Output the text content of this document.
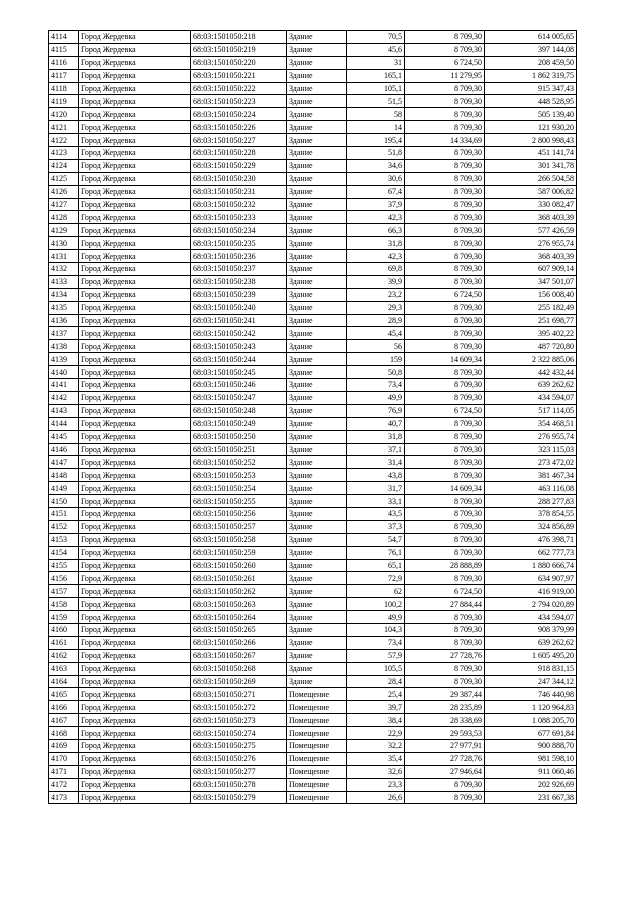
4114	Город Жердевка	68:03:1501050:218	Здание	70,5	8 709,30	614 005,65
4115	Город Жердевка	68:03:1501050:219	Здание	45,6	8 709,30	397 144,08
4116	Город Жердевка	68:03:1501050:220	Здание	31	6 724,50	208 459,50
4117	Город Жердевка	68:03:1501050:221	Здание	165,1	11 279,95	1 862 319,75
4118	Город Жердевка	68:03:1501050:222	Здание	105,1	8 709,30	915 347,43
4119	Город Жердевка	68:03:1501050:223	Здание	51,5	8 709,30	448 528,95
4120	Город Жердевка	68:03:1501050:224	Здание	58	8 709,30	505 139,40
4121	Город Жердевка	68:03:1501050:226	Здание	14	8 709,30	121 930,20
4122	Город Жердевка	68:03:1501050:227	Здание	195,4	14 334,69	2 800 998,43
4123	Город Жердевка	68:03:1501050:228	Здание	51,8	8 709,30	451 141,74
4124	Город Жердевка	68:03:1501050:229	Здание	34,6	8 709,30	301 341,78
4125	Город Жердевка	68:03:1501050:230	Здание	30,6	8 709,30	266 504,58
4126	Город Жердевка	68:03:1501050:231	Здание	67,4	8 709,30	587 006,82
4127	Город Жердевка	68:03:1501050:232	Здание	37,9	8 709,30	330 082,47
4128	Город Жердевка	68:03:1501050:233	Здание	42,3	8 709,30	368 403,39
4129	Город Жердевка	68:03:1501050:234	Здание	66,3	8 709,30	577 426,59
4130	Город Жердевка	68:03:1501050:235	Здание	31,8	8 709,30	276 955,74
4131	Город Жердевка	68:03:1501050:236	Здание	42,3	8 709,30	368 403,39
4132	Город Жердевка	68:03:1501050:237	Здание	69,8	8 709,30	607 909,14
4133	Город Жердевка	68:03:1501050:238	Здание	39,9	8 709,30	347 501,07
4134	Город Жердевка	68:03:1501050:239	Здание	23,2	6 724,50	156 008,40
4135	Город Жердевка	68:03:1501050:240	Здание	29,3	8 709,30	255 182,49
4136	Город Жердевка	68:03:1501050:241	Здание	28,9	8 709,30	251 698,77
4137	Город Жердевка	68:03:1501050:242	Здание	45,4	8 709,30	395 402,22
4138	Город Жердевка	68:03:1501050:243	Здание	56	8 709,30	487 720,80
4139	Город Жердевка	68:03:1501050:244	Здание	159	14 609,34	2 322 885,06
4140	Город Жердевка	68:03:1501050:245	Здание	50,8	8 709,30	442 432,44
4141	Город Жердевка	68:03:1501050:246	Здание	73,4	8 709,30	639 262,62
4142	Город Жердевка	68:03:1501050:247	Здание	49,9	8 709,30	434 594,07
4143	Город Жердевка	68:03:1501050:248	Здание	76,9	6 724,50	517 114,05
4144	Город Жердевка	68:03:1501050:249	Здание	40,7	8 709,30	354 468,51
4145	Город Жердевка	68:03:1501050:250	Здание	31,8	8 709,30	276 955,74
4146	Город Жердевка	68:03:1501050:251	Здание	37,1	8 709,30	323 115,03
4147	Город Жердевка	68:03:1501050:252	Здание	31,4	8 709,30	273 472,02
4148	Город Жердевка	68:03:1501050:253	Здание	43,8	8 709,30	381 467,34
4149	Город Жердевка	68:03:1501050:254	Здание	31,7	14 609,34	463 116,08
4150	Город Жердевка	68:03:1501050:255	Здание	33,1	8 709,30	288 277,83
4151	Город Жердевка	68:03:1501050:256	Здание	43,5	8 709,30	378 854,55
4152	Город Жердевка	68:03:1501050:257	Здание	37,3	8 709,30	324 856,89
4153	Город Жердевка	68:03:1501050:258	Здание	54,7	8 709,30	476 398,71
4154	Город Жердевка	68:03:1501050:259	Здание	76,1	8 709,30	662 777,73
4155	Город Жердевка	68:03:1501050:260	Здание	65,1	28 888,89	1 880 666,74
4156	Город Жердевка	68:03:1501050:261	Здание	72,9	8 709,30	634 907,97
4157	Город Жердевка	68:03:1501050:262	Здание	62	6 724,50	416 919,00
4158	Город Жердевка	68:03:1501050:263	Здание	100,2	27 884,44	2 794 020,89
4159	Город Жердевка	68:03:1501050:264	Здание	49,9	8 709,30	434 594,07
4160	Город Жердевка	68:03:1501050:265	Здание	104,3	8 709,30	908 379,99
4161	Город Жердевка	68:03:1501050:266	Здание	73,4	8 709,30	639 262,62
4162	Город Жердевка	68:03:1501050:267	Здание	57,9	27 728,76	1 605 495,20
4163	Город Жердевка	68:03:1501050:268	Здание	105,5	8 709,30	918 831,15
4164	Город Жердевка	68:03:1501050:269	Здание	28,4	8 709,30	247 344,12
4165	Город Жердевка	68:03:1501050:271	Помещение	25,4	29 387,44	746 440,98
4166	Город Жердевка	68:03:1501050:272	Помещение	39,7	28 235,89	1 120 964,83
4167	Город Жердевка	68:03:1501050:273	Помещение	38,4	28 338,69	1 088 205,70
4168	Город Жердевка	68:03:1501050:274	Помещение	22,9	29 593,53	677 691,84
4169	Город Жердевка	68:03:1501050:275	Помещение	32,2	27 977,91	900 888,70
4170	Город Жердевка	68:03:1501050:276	Помещение	35,4	27 728,76	981 598,10
4171	Город Жердевка	68:03:1501050:277	Помещение	32,6	27 946,64	911 060,46
4172	Город Жердевка	68:03:1501050:278	Помещение	23,3	8 709,30	202 926,69
4173	Город Жердевка	68:03:1501050:279	Помещение	26,6	8 709,30	231 667,38
